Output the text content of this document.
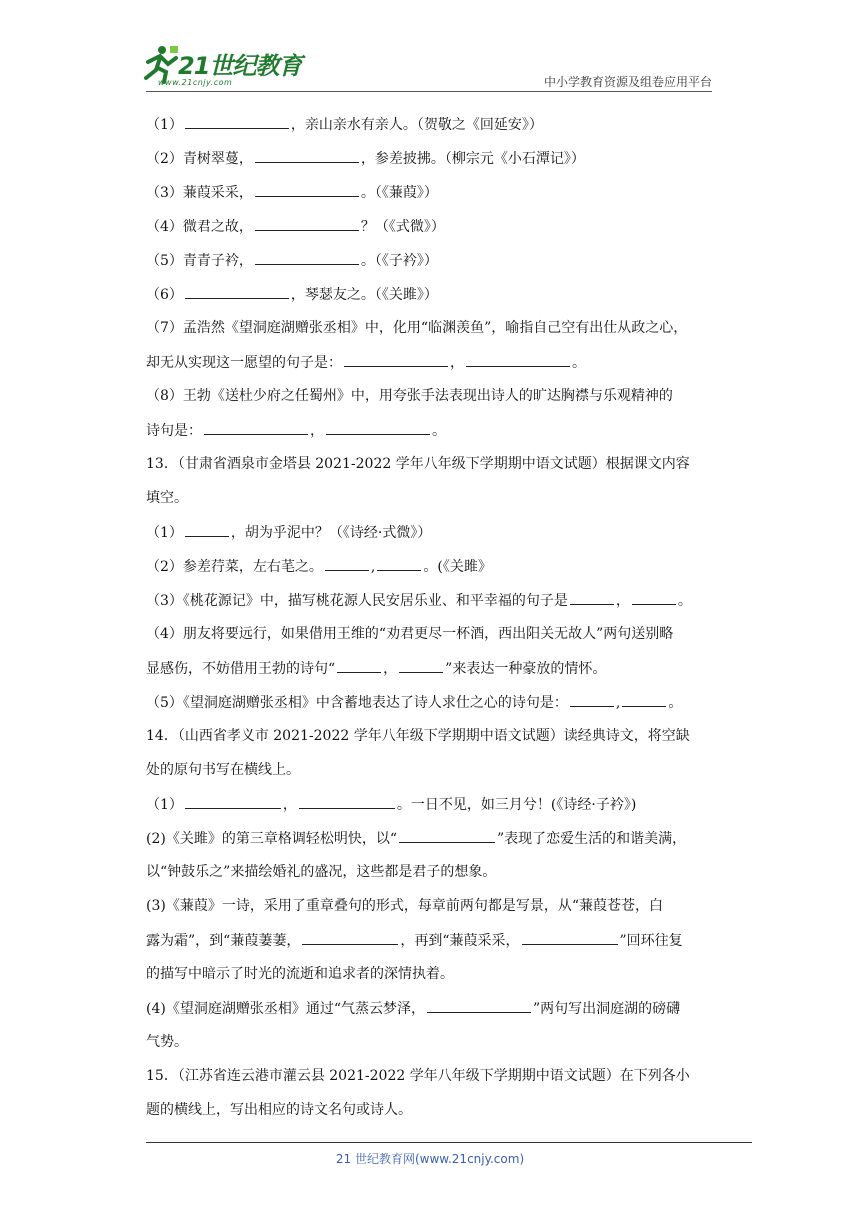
21世纪教育
www.21cnjy.com	中小学教育资源及组卷应用平台
（1）	，亲山亲水有亲人。（贺敬之《回延安》）
（2）青树翠蔓，	，参差披拂。（柳宗元《小石潭记》）
（3）蒹葭采采，	。（《蒹葭》）
（4）微君之故，	？（《式微》）
（5）青青子衿，	。（《子衿》）
（6）	，琴瑟友之。（《关雎》）
（7）孟浩然《望洞庭湖赠张丞相》中，化用“临渊羡鱼”，喻指自己空有出仕从政之心，
却无从实现这一愿望的句子是：	，	。
（8）王勃《送杜少府之任蜀州》中，用夸张手法表现出诗人的旷达胸襟与乐观精神的
诗句是：	，	。
13．（甘肃省酒泉市金塔县 2021-2022 学年八年级下学期期中语文试题）根据课文内容
填空。
（1）	，胡为乎泥中？（《诗经·式微》）
（2）参差荇菜，左右芼之。	,	。(《关雎》
（3）《桃花源记》中，描写桃花源人民安居乐业、和平幸福的句子是	，	。
（4）朋友将要远行，如果借用王维的“劝君更尽一杯酒，西出阳关无故人”两句送别略
显感伤，不妨借用王勃的诗句“	，	”来表达一种豪放的情怀。
（5）《望洞庭湖赠张丞相》中含蓄地表达了诗人求仕之心的诗句是：	,	。
14．（山西省孝义市 2021-2022 学年八年级下学期期中语文试题）读经典诗文，将空缺
处的原句书写在横线上。
（1）	，	。一日不见，如三月兮！(《诗经·子衿》)
(2)《关雎》的第三章格调轻松明快，以“	”表现了恋爱生活的和谐美满，
以“钟鼓乐之”来描绘婚礼的盛况，这些都是君子的想象。
(3)《蒹葭》一诗，采用了重章叠句的形式，每章前两句都是写景，从“蒹葭苍苍，白
露为霜”，到“蒹葭萋萋，	，再到“蒹葭采采，	”回环往复
的描写中暗示了时光的流逝和追求者的深情执着。
(4)《望洞庭湖赠张丞相》通过“气蒸云梦泽，	”两句写出洞庭湖的磅礴
气势。
15．（江苏省连云港市灌云县 2021-2022 学年八年级下学期期中语文试题）在下列各小
题的横线上，写出相应的诗文名句或诗人。
21 世纪教育网(www.21cnjy.com)
